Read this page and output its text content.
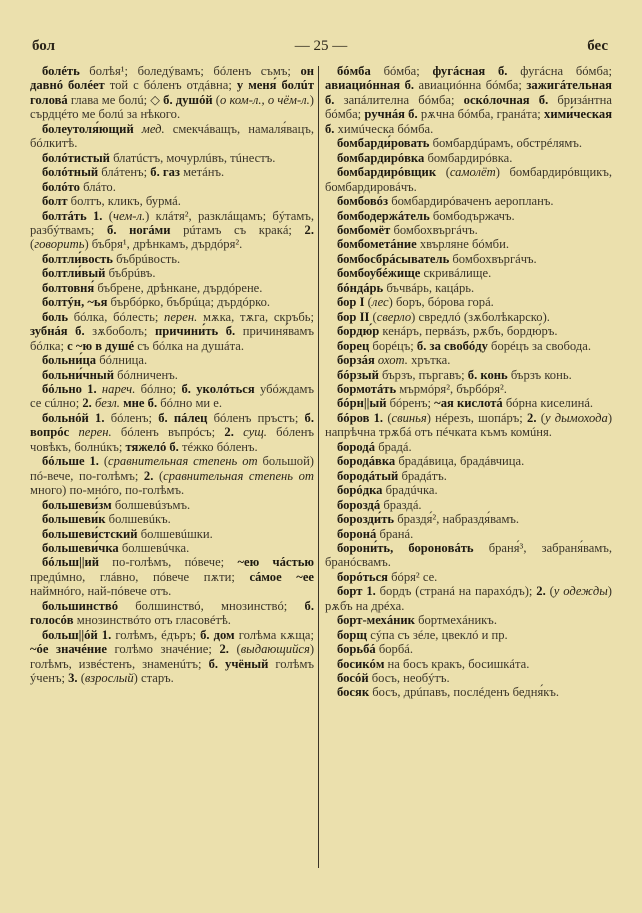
бол	— 25 —	бес

болéть болѣя¹; боледýвамъ; бóленъ съмъ; он давнó болéет той с бóленъ отдáвна; у меня́ болúт головá глава ме болú; ◇ б. душóй (о ком-л., о чём-л.) сърдцéто ме болú за нѣкого.

болеутоля́ющий мед. смекчáващъ, намаля́вацъ, бóлкитѣ.

болóтистый блатúстъ, мочурлúвъ, тúнестъ.

болóтный блáтенъ; б. газ метáнъ.

болóто блáто.

болт болтъ, кликъ, бурмá.

болтáть 1. (чем-л.) клáтя², разклáщамъ; бýтамъ, разбýтвамъ; б. ногáми рúтамъ съ кракá; 2.(говорить) бъбря¹, дрѣнкамъ, дърдóря².

болтли́вость бъбрúвость.

болтли́вый бъбрúвъ.

болтовня́ бъбрене, дрѣнкане, дърдóрене.

болтýн, ~ья бърбóрко, бъбрúца; дърдóрко.

боль бóлка, бóлесть; перен. мѫка, тѫга, скръбь; зубнáя б. зѫбоболъ; причини́ть б. причиня́вамъ бóлка; с ~ю в душé съ бóлка на душáта.

больни́ца бóлница.

больни́чный бóлниченъ.

бóльно 1. нареч. бóлно; б. укoлóться убóждамъ се сúлно; 2. безл. мне б. бóлно ми е.

больнóй 1. бóленъ; б. пáлец бóленъ пръстъ; б. вопрóс перен. бóленъ въпрóсъ; 2. сущ. бóленъ човѣкъ, болнúкъ; тяжелó б. тéжко бóленъ.

бóльше 1. (сравнительная степень от большой) пó-вече, по-голѣмъ; 2. (сравнительная степень от много) по-мнóго, по-голѣмъ.

большеви́зм болшевúзъмъ.

большеви́к болшевúкъ.

большеви́стский болшевúшки.

большеви́чка болшевúчка.

бóльш||ий по-голѣмъ, пóвече; ~ею чáстью предúмно, глáвно, пóвече пѫти; сáмое ~ее наймнóго, най-пóвече отъ.

большинствó болшинствó, мнозинствó; б. голосóв мнозинствóто отъ гласовéтѣ.

больш||óй 1. голѣмъ, éдъръ; б. дом голѣма кѫща; ~óе значéние голѣмо значéние; 2. (выдающийся) голѣмъ, извéстенъ, знаменúтъ; б. учёный голѣмъ ýченъ; 3. (взрослый) старъ.

бóмба бóмба; фугáсная б. фугáсна бóмба; авиациóнная б. авиациóнна бóмба; зажигáтельная б. запáлителна бóмба; оскóлочная б. бризáнтна бóмба; ручнáя б. рѫчна бóмба, гранáта; хими́ческая б. химúческа бóмба.

бомбарди́ровать бомбардúрамъ, обстрéлямъ.

бомбардирóвка бомбардирóвка.

бомбардирóвщик (самолёт) бомбардирóвщикъ, бомбардировáчъ.

бомбовóз бомбардирóваченъ аеропланъ.

бомбодержáтель бомбодържачъ.

бомбомёт бомбохвъргáчъ.

бомбометáние хвърляне бóмби.

бомбосбрáсыватель бомбохвъргáчъ.

бомбоубéжище скривáлище.

бóндáрь бъчвáрь, кацáрь.

бор I (лес) боръ, бóрова горá.

бор II (сверло) свредлó (зѫболѣкарско).

бордю́р кенáръ, первáзъ, рѫбъ, бордю́ръ.

борец борéцъ; б. за свобóду борéцъ за свобода.

борзáя охот. хрътка.

бóрзый бързъ, пъргавъ; б. конь бързъ конь.

бормотáть мърмóря², бърбóря².

бóрн||ый бóренъ; ~ая кислотá бóрна киселинá.

бóров 1. (свинья) нéрезъ, шопáръ; 2. (у дымохода) напрѣчна трѫбá отъ пéчката къмъ комúня.

бородá брадá.

бородáвка брадáвица, брадáвчица.

бородáтый брадáтъ.

борóдка брадúчка.

бороздá браздá.

борозди́ть браздя́², набраздя́вамъ.

боронá бранá.

борони́ть, боронoвáть браня́³, забраня́вамъ, бранóсвамъ.

борóться бóря² се.

борт 1. бордъ (странá на парахóдъ); 2. (у одежды) рѫбъ на дрéха.

борт-мехáник бортмехáникъ.

борщ сýпа съ зéле, цвеклó и пр.

борьбá борбá.

босикóм на босъ кракъ, босишкáта.

босóй босъ, необýтъ.

босяк босъ, дрúпавъ, послéденъ бедня́къ.
